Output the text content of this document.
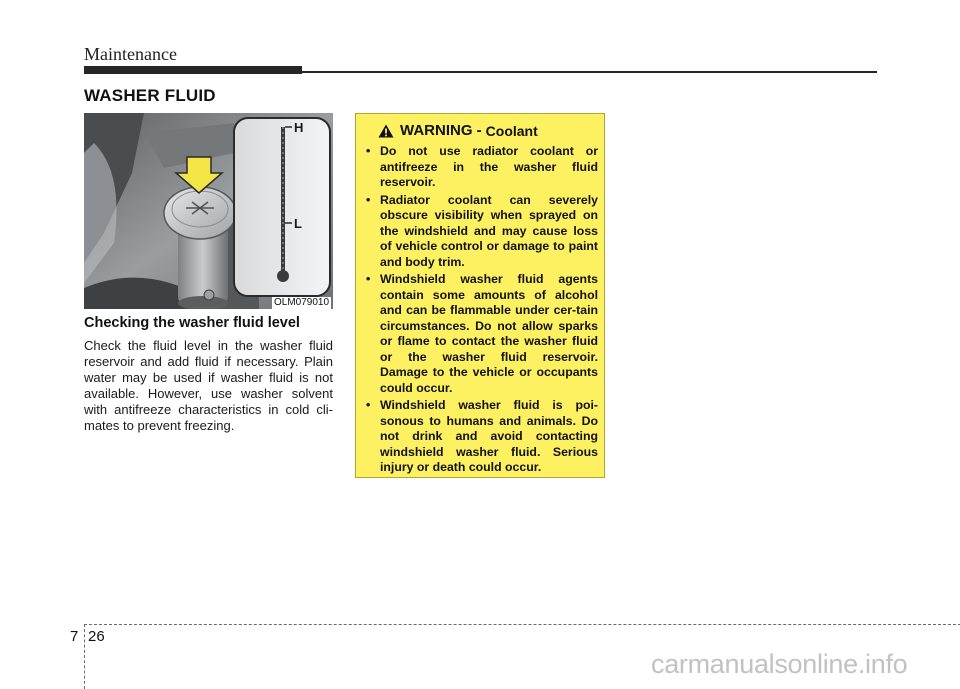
Maintenance
WASHER FLUID
H
L
OLM079010
Checking the washer fluid level
Check the fluid level in the washer fluid reservoir and add fluid if necessary. Plain water may be used if washer fluid is not available. However, use washer solvent with antifreeze characteristics in cold cli-mates to prevent freezing.
WARNING - Coolant
• Do not use radiator coolant or antifreeze in the washer fluid reservoir.
• Radiator coolant can severely obscure visibility when sprayed on the windshield and may cause loss of vehicle control or damage to paint and body trim.
• Windshield washer fluid agents contain some amounts of alcohol and can be flammable under cer-tain circumstances. Do not allow sparks or flame to contact the washer fluid or the washer fluid reservoir. Damage to the vehicle or occupants could occur.
• Windshield washer fluid is poi-sonous to humans and animals. Do not drink and avoid contacting windshield washer fluid. Serious injury or death could occur.
7 26
carmanualsonline.info
